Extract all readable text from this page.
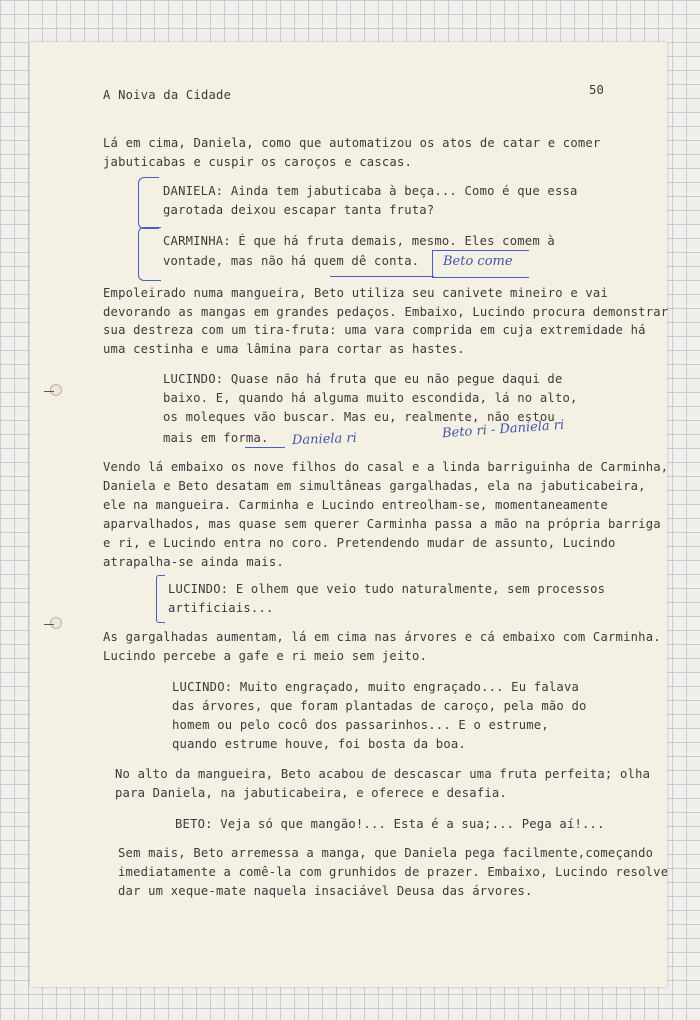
A Noiva da Cidade	50
Lá em cima, Daniela, como que automatizou os atos de catar e comer
jabuticabas e cuspir os caroços e cascas.
DANIELA: Ainda tem jabuticaba à beça... Como é que essa
garotada deixou escapar tanta fruta?
CARMINHA: É que há fruta demais, mesmo. Eles comem à
vontade, mas não há quem dê conta.
Empoleirado numa mangueira, Beto utiliza seu canivete mineiro e vai
devorando as mangas em grandes pedaços. Embaixo, Lucindo procura demonstrar
sua destreza com um tira-fruta: uma vara comprida em cuja extremidade há
uma cestinha e uma lâmina para cortar as hastes.
LUCINDO: Quase não há fruta que eu não pegue daqui de
baixo. E, quando há alguma muito escondida, lá no alto,
os moleques vão buscar. Mas eu, realmente, não estou
mais em forma.
Vendo lá embaixo os nove filhos do casal e a linda barriguinha de Carminha,
Daniela e Beto desatam em simultâneas gargalhadas, ela na jabuticabeira,
ele na mangueira. Carminha e Lucindo entreolham-se, momentaneamente
aparvalhados, mas quase sem querer Carminha passa a mão na própria barriga
e ri, e Lucindo entra no coro. Pretendendo mudar de assunto, Lucindo
atrapalha-se ainda mais.
LUCINDO: E olhem que veio tudo naturalmente, sem processos
artificiais...
As gargalhadas aumentam, lá em cima nas árvores e cá embaixo com Carminha.
Lucindo percebe a gafe e ri meio sem jeito.
LUCINDO: Muito engraçado, muito engraçado... Eu falava
das árvores, que foram plantadas de caroço, pela mão do
homem ou pelo cocô dos passarinhos... E o estrume,
quando estrume houve, foi bosta da boa.
No alto da mangueira, Beto acabou de descascar uma fruta perfeita; olha
para Daniela, na jabuticabeira, e oferece e desafia.
BETO: Veja só que mangão!... Esta é a sua;... Pega aí!...
Sem mais, Beto arremessa a manga, que Daniela pega facilmente,começando
imediatamente a comê-la com grunhidos de prazer. Embaixo, Lucindo resolve
dar um xeque-mate naquela insaciável Deusa das árvores.
Beto come
Daniela ri	Beto ri - Daniela ri
